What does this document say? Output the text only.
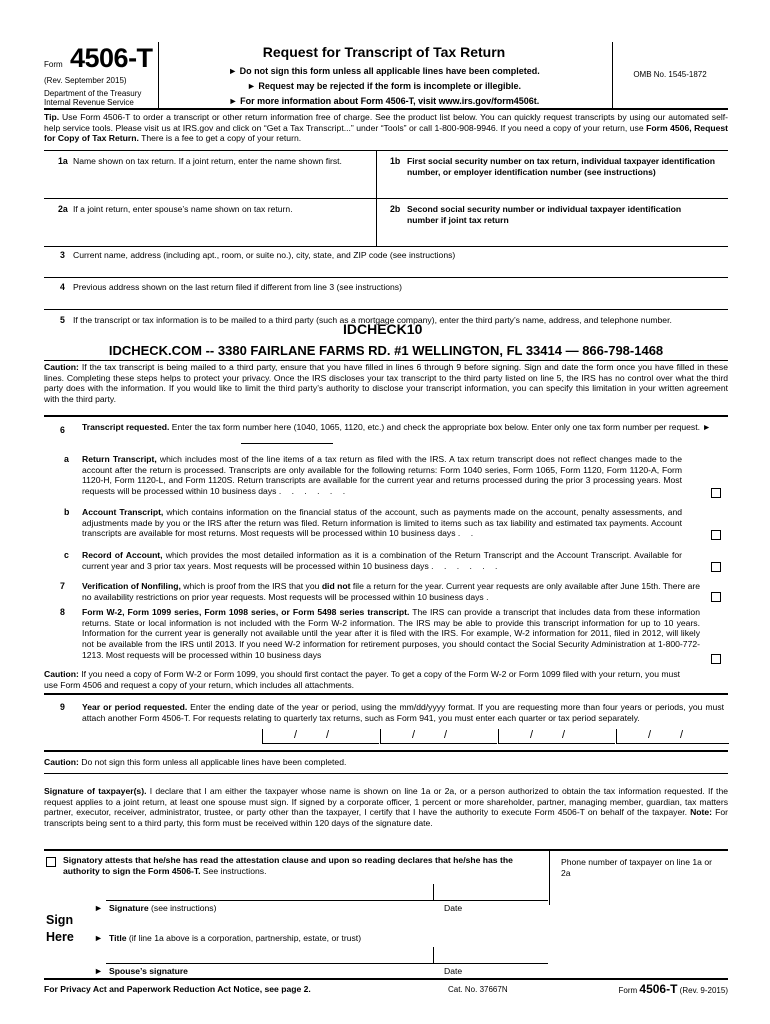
Form 4506-T
(Rev. September 2015)
Department of the Treasury
Internal Revenue Service
Request for Transcript of Tax Return
► Do not sign this form unless all applicable lines have been completed.
► Request may be rejected if the form is incomplete or illegible.
► For more information about Form 4506-T, visit www.irs.gov/form4506t.
OMB No. 1545-1872
Tip. Use Form 4506-T to order a transcript or other return information free of charge. See the product list below. You can quickly request transcripts by using our automated self-help service tools. Please visit us at IRS.gov and click on “Get a Tax Transcript...” under “Tools” or call 1-800-908-9946. If you need a copy of your return, use Form 4506, Request for Copy of Tax Return. There is a fee to get a copy of your return.
1a Name shown on tax return. If a joint return, enter the name shown first.	1b First social security number on tax return, individual taxpayer identification number, or employer identification number (see instructions)
2a If a joint return, enter spouse’s name shown on tax return.	2b Second social security number or individual taxpayer identification number if joint tax return
3 Current name, address (including apt., room, or suite no.), city, state, and ZIP code (see instructions)
4 Previous address shown on the last return filed if different from line 3 (see instructions)
5 If the transcript or tax information is to be mailed to a third party (such as a mortgage company), enter the third party’s name, address, and telephone number.
IDCHECK10
IDCHECK.COM -- 3380 FAIRLANE FARMS RD. #1 WELLINGTON, FL 33414 — 866-798-1468
Caution: If the tax transcript is being mailed to a third party, ensure that you have filled in lines 6 through 9 before signing. Sign and date the form once you have filled in these lines. Completing these steps helps to protect your privacy. Once the IRS discloses your tax transcript to the third party listed on line 5, the IRS has no control over what the third party does with the information. If you would like to limit the third party’s authority to disclose your transcript information, you can specify this limitation in your written agreement with the third party.
6 Transcript requested. Enter the tax form number here (1040, 1065, 1120, etc.) and check the appropriate box below. Enter only one tax form number per request. ►
a Return Transcript, which includes most of the line items of a tax return as filed with the IRS. A tax return transcript does not reflect changes made to the account after the return is processed. Transcripts are only available for the following returns: Form 1040 series, Form 1065, Form 1120, Form 1120-A, Form 1120-H, Form 1120-L, and Form 1120S. Return transcripts are available for the current year and returns processed during the prior 3 processing years. Most requests will be processed within 10 business days . . . . . .
b Account Transcript, which contains information on the financial status of the account, such as payments made on the account, penalty assessments, and adjustments made by you or the IRS after the return was filed. Return information is limited to items such as tax liability and estimated tax payments. Account transcripts are available for most returns. Most requests will be processed within 10 business days . .
c Record of Account, which provides the most detailed information as it is a combination of the Return Transcript and the Account Transcript. Available for current year and 3 prior tax years. Most requests will be processed within 10 business days . . . . . .
7 Verification of Nonfiling, which is proof from the IRS that you did not file a return for the year. Current year requests are only available after June 15th. There are no availability restrictions on prior year requests. Most requests will be processed within 10 business days .
8 Form W-2, Form 1099 series, Form 1098 series, or Form 5498 series transcript. The IRS can provide a transcript that includes data from these information returns. State or local information is not included with the Form W-2 information. The IRS may be able to provide this transcript information for up to 10 years. Information for the current year is generally not available until the year after it is filed with the IRS. For example, W-2 information for 2011, filed in 2012, will likely not be available from the IRS until 2013. If you need W-2 information for retirement purposes, you should contact the Social Security Administration at 1-800-772-1213. Most requests will be processed within 10 business days
Caution: If you need a copy of Form W-2 or Form 1099, you should first contact the payer. To get a copy of the Form W-2 or Form 1099 filed with your return, you must use Form 4506 and request a copy of your return, which includes all attachments.
9 Year or period requested. Enter the ending date of the year or period, using the mm/dd/yyyy format. If you are requesting more than four years or periods, you must attach another Form 4506-T. For requests relating to quarterly tax returns, such as Form 941, you must enter each quarter or tax period separately.
/	/	/	/	/	/	/	/
Caution: Do not sign this form unless all applicable lines have been completed.
Signature of taxpayer(s). I declare that I am either the taxpayer whose name is shown on line 1a or 2a, or a person authorized to obtain the tax information requested. If the request applies to a joint return, at least one spouse must sign. If signed by a corporate officer, 1 percent or more shareholder, partner, managing member, guardian, tax matters partner, executor, receiver, administrator, trustee, or party other than the taxpayer, I certify that I have the authority to execute Form 4506-T on behalf of the taxpayer. Note: For transcripts being sent to a third party, this form must be received within 120 days of the signature date.
Signatory attests that he/she has read the attestation clause and upon so reading declares that he/she has the authority to sign the Form 4506-T. See instructions.
Phone number of taxpayer on line 1a or 2a
Sign
Here
► Signature (see instructions)	Date
► Title (if line 1a above is a corporation, partnership, estate, or trust)
► Spouse’s signature	Date
For Privacy Act and Paperwork Reduction Act Notice, see page 2.	Cat. No. 37667N	Form 4506-T (Rev. 9-2015)
